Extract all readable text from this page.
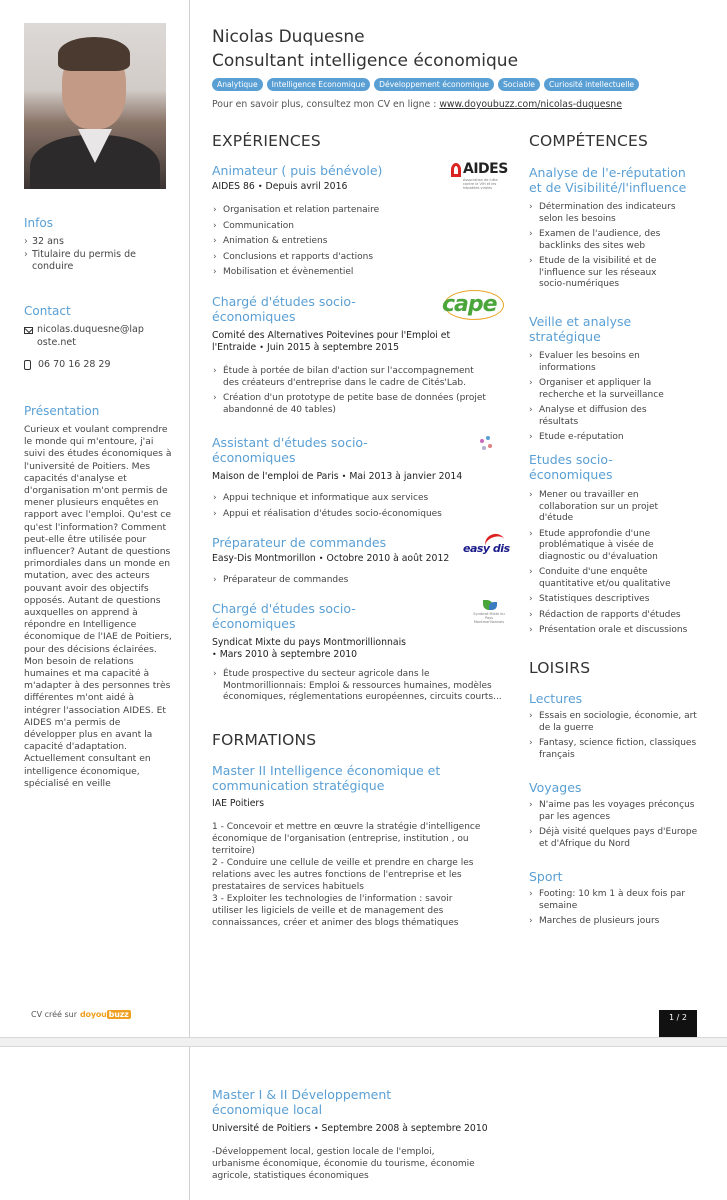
Infos
› 32 ans
› Titulaire du permis de conduire
Contact
nicolas.duquesne@laposte.net
06 70 16 28 29
Présentation
Curieux et voulant comprendre le monde qui m'entoure, j'ai suivi des études économiques à l'université de Poitiers. Mes capacités d'analyse et d'organisation m'ont permis de mener plusieurs enquêtes en rapport avec l'emploi. Qu'est ce qu'est l'information? Comment peut-elle être utilisée pour influencer? Autant de questions primordiales dans un monde en mutation, avec des acteurs pouvant avoir des objectifs opposés. Autant de questions auxquelles on apprend à répondre en Intelligence économique de l'IAE de Poitiers, pour des décisions éclairées. Mon besoin de relations humaines et ma capacité à m'adapter à des personnes très différentes m'ont aidé à intégrer l'association AIDES. Et AIDES m'a permis de développer plus en avant la capacité d'adaptation. Actuellement consultant en intelligence économique, spécialisé en veille
CV créé sur doyou buzz
Nicolas Duquesne
Consultant intelligence économique
Analytique	Intelligence Economique	Développement économique	Sociable	Curiosité intellectuelle
Pour en savoir plus, consultez mon CV en ligne : www.doyoubuzz.com/nicolas-duquesne
EXPÉRIENCES
Animateur ( puis bénévole)
AIDES 86 • Depuis avril 2016
AIDES
Association de lutte contre le VIH et les hépatites virales
› Organisation et relation partenaire
› Communication
› Animation & entretiens
› Conclusions et rapports d'actions
› Mobilisation et évènementiel
Chargé d'études socio-économiques	cape
Comité des Alternatives Poitevines pour l'Emploi et l'Entraide • Juin 2015 à septembre 2015
› Étude à portée de bilan d'action sur l'accompagnement des créateurs d'entreprise dans le cadre de Cités'Lab.
› Création d'un prototype de petite base de données (projet abandonné de 40 tables)
Assistant d'études socio-économiques
Maison de l'emploi de Paris • Mai 2013 à janvier 2014
› Appui technique et informatique aux services
› Appui et réalisation d'études socio-économiques
Préparateur de commandes	easy dis
Easy-Dis Montmorillon • Octobre 2010 à août 2012
› Préparateur de commandes
Chargé d'études socio-économiques
Syndicat Mixte du Pays Montmorillonnais
Syndicat Mixte du pays Montmorillionnais
• Mars 2010 à septembre 2010
› Étude prospective du secteur agricole dans le Montmorillionnais: Emploi & ressources humaines, modèles économiques, réglementations européennes, circuits courts...
FORMATIONS
Master II Intelligence économique et communication stratégique
IAE Poitiers
1 - Concevoir et mettre en œuvre la stratégie d'intelligence économique de l'organisation (entreprise, institution , ou territoire)
2 - Conduire une cellule de veille et prendre en charge les relations avec les autres fonctions de l'entreprise et les prestataires de services habituels
3 - Exploiter les technologies de l'information : savoir utiliser les ligiciels de veille et de management des connaissances, créer et animer des blogs thématiques
COMPÉTENCES
Analyse de l'e-réputation et de Visibilité/l'influence
› Détermination des indicateurs selon les besoins
› Examen de l'audience, des backlinks des sites web
› Etude de la visibilité et de l'influence sur les réseaux socio-numériques
Veille et analyse stratégique
› Evaluer les besoins en informations
› Organiser et appliquer la recherche et la surveillance
› Analyse et diffusion des résultats
› Etude e-réputation
Etudes socio-économiques
› Mener ou travailler en collaboration sur un projet d'étude
› Etude approfondie d'une problématique à visée de diagnostic ou d'évaluation
› Conduite d'une enquête quantitative et/ou qualitative
› Statistiques descriptives
› Rédaction de rapports d'études
› Présentation orale et discussions
LOISIRS
Lectures
› Essais en sociologie, économie, art de la guerre
› Fantasy, science fiction, classiques français
Voyages
› N'aime pas les voyages préconçus par les agences
› Déjà visité quelques pays d'Europe et d'Afrique du Nord
Sport
› Footing: 10 km 1 à deux fois par semaine
› Marches de plusieurs jours
1 / 2
Master I & II Développement économique local
Université de Poitiers • Septembre 2008 à septembre 2010
-Développement local, gestion locale de l'emploi, urbanisme économique, économie du tourisme, économie agricole, statistiques économiques
